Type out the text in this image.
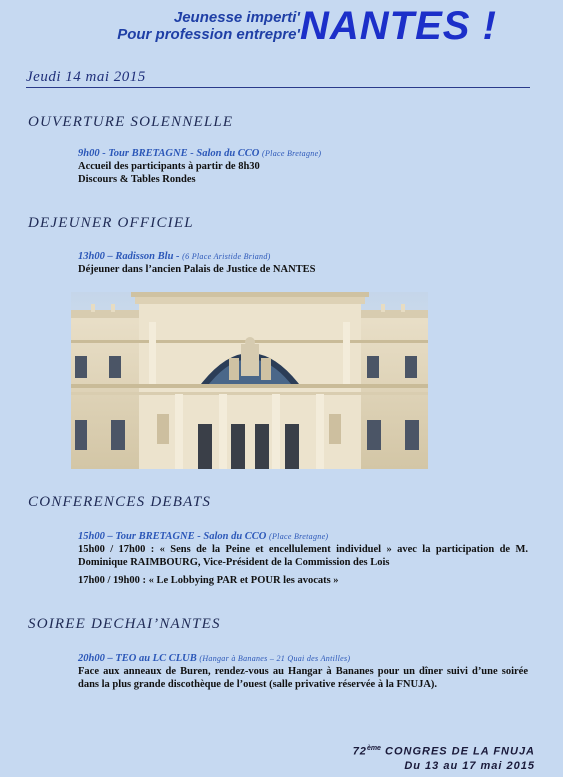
Jeunesse imperti'
Pour profession entrepre' NANTES !
Jeudi 14 mai 2015
OUVERTURE SOLENNELLE
9h00 - Tour BRETAGNE - Salon du CCO (Place Bretagne)
Accueil des participants à partir de 8h30
Discours & Tables Rondes
DEJEUNER OFFICIEL
13h00 – Radisson Blu - (6 Place Aristide Briand)
Déjeuner dans l’ancien Palais de Justice de NANTES
CONFERENCES DEBATS
15h00 – Tour BRETAGNE - Salon du CCO (Place Bretagne)
15h00 / 17h00 : « Sens de la Peine et encellulement individuel » avec la participation de M. Dominique RAIMBOURG, Vice-Président de la Commission des Lois
17h00 / 19h00 : « Le Lobbying PAR et POUR les avocats »
SOIREE DECHAI’NANTES
20h00 – TEO au LC CLUB (Hangar à Bananes – 21 Quai des Antilles)
Face aux anneaux de Buren, rendez-vous au Hangar à Bananes pour un dîner suivi d’une soirée dans la plus grande discothèque de l’ouest (salle privative réservée à la FNUJA).
72ème CONGRES DE LA FNUJA
Du 13 au 17 mai 2015
